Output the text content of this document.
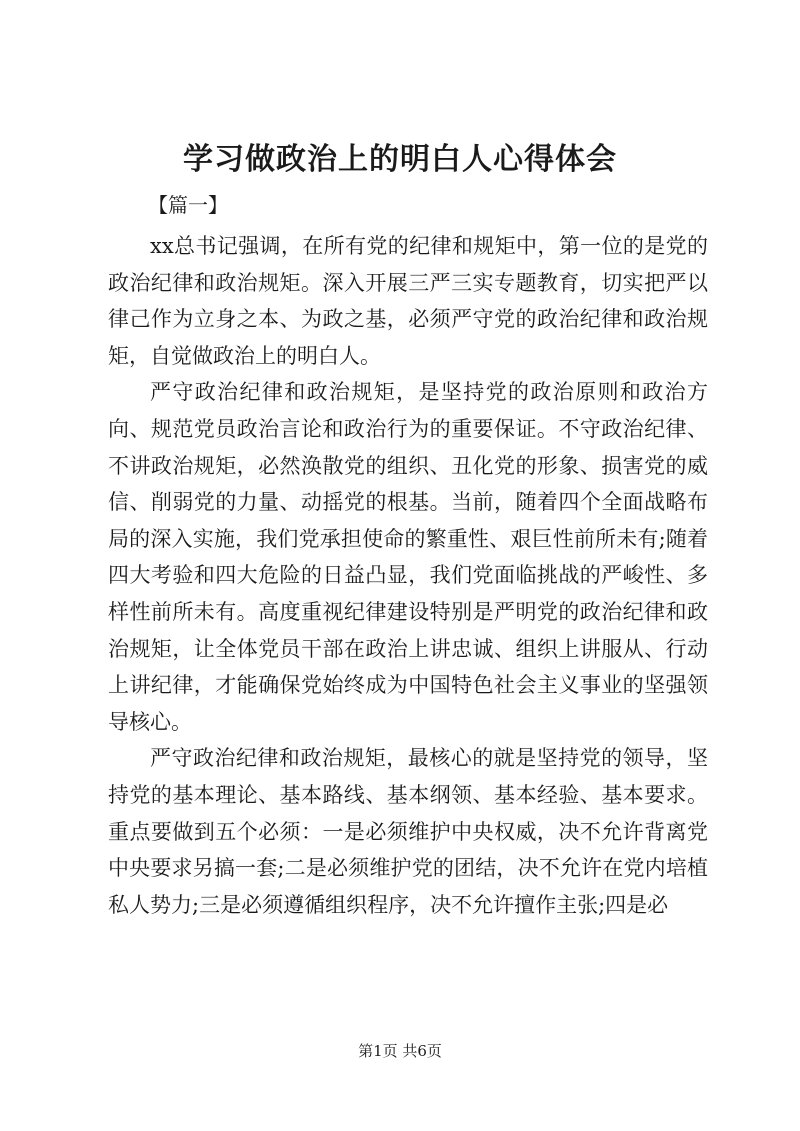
学习做政治上的明白人心得体会
【篇一】

xx总书记强调，在所有党的纪律和规矩中，第一位的是党的政治纪律和政治规矩。深入开展三严三实专题教育，切实把严以律己作为立身之本、为政之基，必须严守党的政治纪律和政治规矩，自觉做政治上的明白人。

严守政治纪律和政治规矩，是坚持党的政治原则和政治方向、规范党员政治言论和政治行为的重要保证。不守政治纪律、不讲政治规矩，必然涣散党的组织、丑化党的形象、损害党的威信、削弱党的力量、动摇党的根基。当前，随着四个全面战略布局的深入实施，我们党承担使命的繁重性、艰巨性前所未有;随着四大考验和四大危险的日益凸显，我们党面临挑战的严峻性、多样性前所未有。高度重视纪律建设特别是严明党的政治纪律和政治规矩，让全体党员干部在政治上讲忠诚、组织上讲服从、行动上讲纪律，才能确保党始终成为中国特色社会主义事业的坚强领导核心。

严守政治纪律和政治规矩，最核心的就是坚持党的领导，坚持党的基本理论、基本路线、基本纲领、基本经验、基本要求。重点要做到五个必须：一是必须维护中央权威，决不允许背离党中央要求另搞一套;二是必须维护党的团结，决不允许在党内培植私人势力;三是必须遵循组织程序，决不允许擅作主张;四是必

第1页 共6页
